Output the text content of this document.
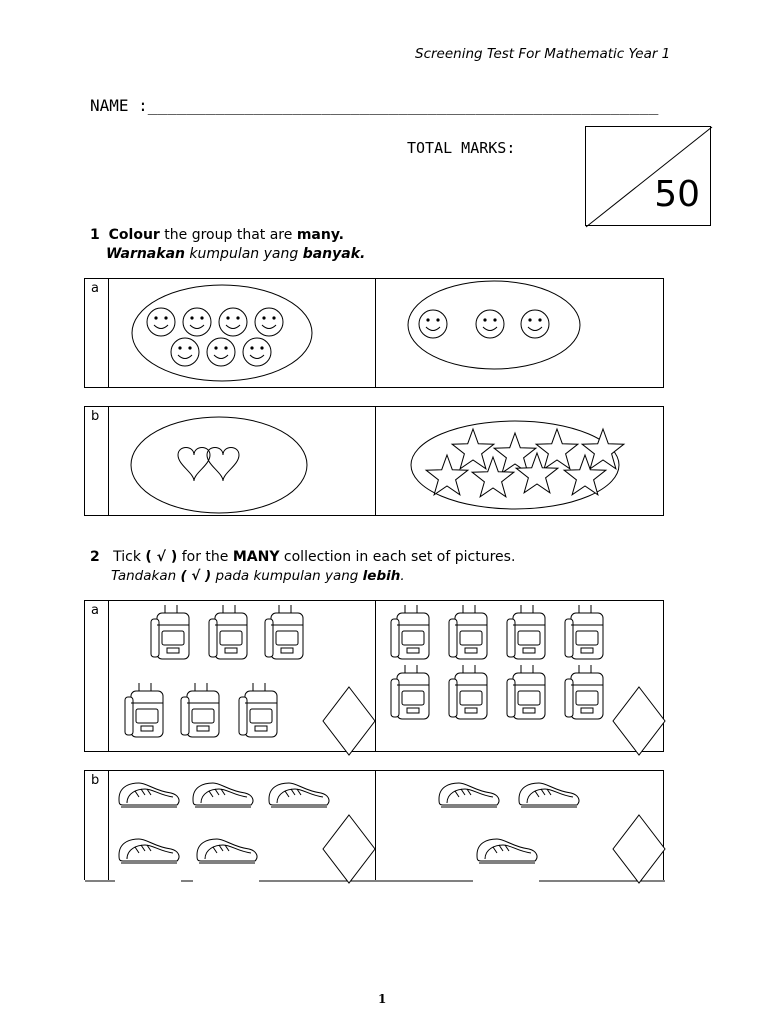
Screening Test For Mathematic Year 1
NAME :_____________________________________________________
TOTAL MARKS:
50
1 Colour the group that are many.
Warnakan kumpulan yang banyak.
a
b
2 Tick ( √ ) for the MANY collection in each set of pictures.
Tandakan ( √ ) pada kumpulan yang lebih.
a
b
1
